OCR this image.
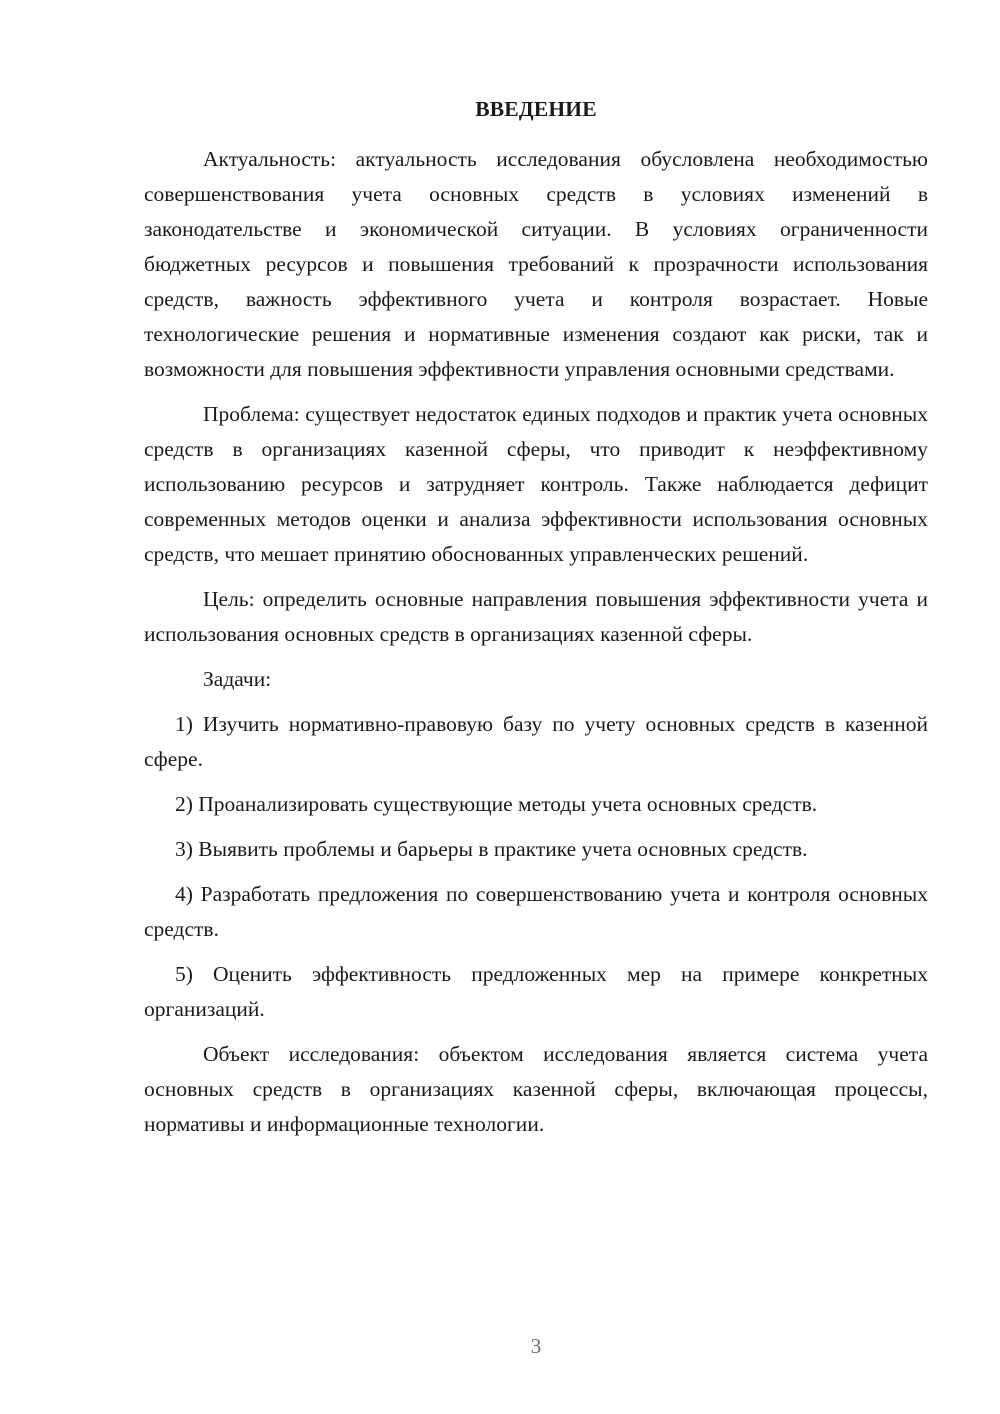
ВВЕДЕНИЕ

Актуальность: актуальность исследования обусловлена необходимостью совершенствования учета основных средств в условиях изменений в законодательстве и экономической ситуации. В условиях ограниченности бюджетных ресурсов и повышения требований к прозрачности использования средств, важность эффективного учета и контроля возрастает. Новые технологические решения и нормативные изменения создают как риски, так и возможности для повышения эффективности управления основными средствами.

Проблема: существует недостаток единых подходов и практик учета основных средств в организациях казенной сферы, что приводит к неэффективному использованию ресурсов и затрудняет контроль. Также наблюдается дефицит современных методов оценки и анализа эффективности использования основных средств, что мешает принятию обоснованных управленческих решений.

Цель: определить основные направления повышения эффективности учета и использования основных средств в организациях казенной сферы.

Задачи:

1) Изучить нормативно-правовую базу по учету основных средств в казенной сфере.

2) Проанализировать существующие методы учета основных средств.

3) Выявить проблемы и барьеры в практике учета основных средств.

4) Разработать предложения по совершенствованию учета и контроля основных средств.

5) Оценить эффективность предложенных мер на примере конкретных организаций.

Объект исследования: объектом исследования является система учета основных средств в организациях казенной сферы, включающая процессы, нормативы и информационные технологии.

3
